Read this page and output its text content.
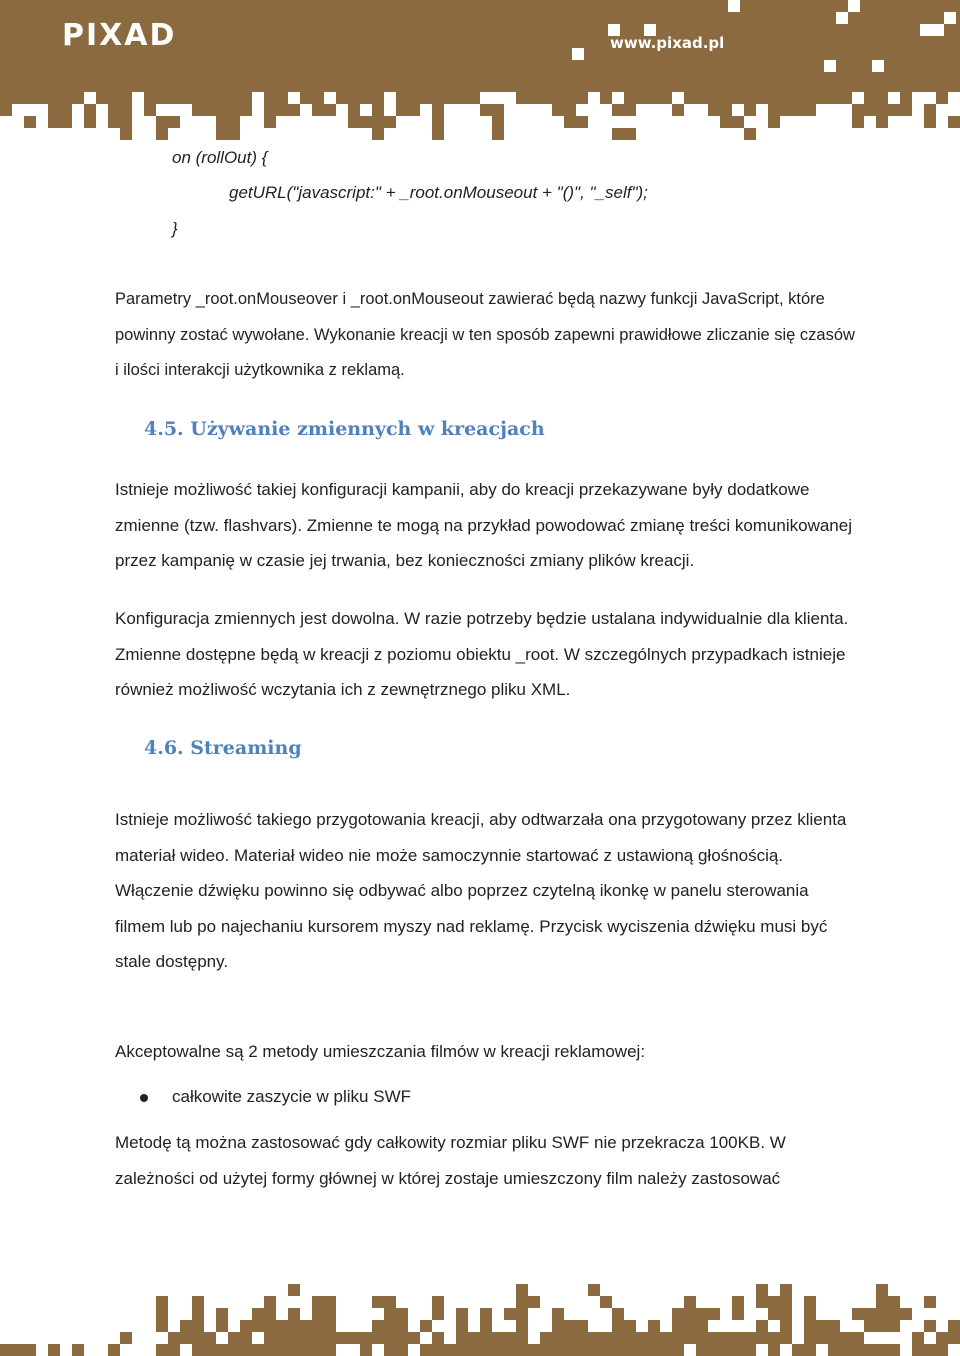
PIXAD	www.pixad.pl
on (rollOut) {
getURL("javascript:" + _root.onMouseout + "()", "_self");
}

Parametry _root.onMouseover i _root.onMouseout zawierać będą nazwy funkcji JavaScript, które powinny zostać wywołane. Wykonanie kreacji w ten sposób zapewni prawidłowe zliczanie się czasów i ilości interakcji użytkownika z reklamą.

4.5. Używanie zmiennych w kreacjach

Istnieje możliwość takiej konfiguracji kampanii, aby do kreacji przekazywane były dodatkowe zmienne (tzw. flashvars). Zmienne te mogą na przykład powodować zmianę treści komunikowanej przez kampanię w czasie jej trwania, bez konieczności zmiany plików kreacji.

Konfiguracja zmiennych jest dowolna. W razie potrzeby będzie ustalana indywidualnie dla klienta. Zmienne dostępne będą w kreacji z poziomu obiektu _root. W szczególnych przypadkach istnieje również możliwość wczytania ich z zewnętrznego pliku XML.

4.6. Streaming

Istnieje możliwość takiego przygotowania kreacji, aby odtwarzała ona przygotowany przez klienta materiał wideo. Materiał wideo nie może samoczynnie startować z ustawioną głośnością. Włączenie dźwięku powinno się odbywać albo poprzez czytelną ikonkę w panelu sterowania filmem lub po najechaniu kursorem myszy nad reklamę. Przycisk wyciszenia dźwięku musi być stale dostępny.

Akceptowalne są 2 metody umieszczania filmów w kreacji reklamowej:

całkowite zaszycie w pliku SWF

Metodę tą można zastosować gdy całkowity rozmiar pliku SWF nie przekracza 100KB. W zależności od użytej formy głównej w której zostaje umieszczony film należy zastosować
